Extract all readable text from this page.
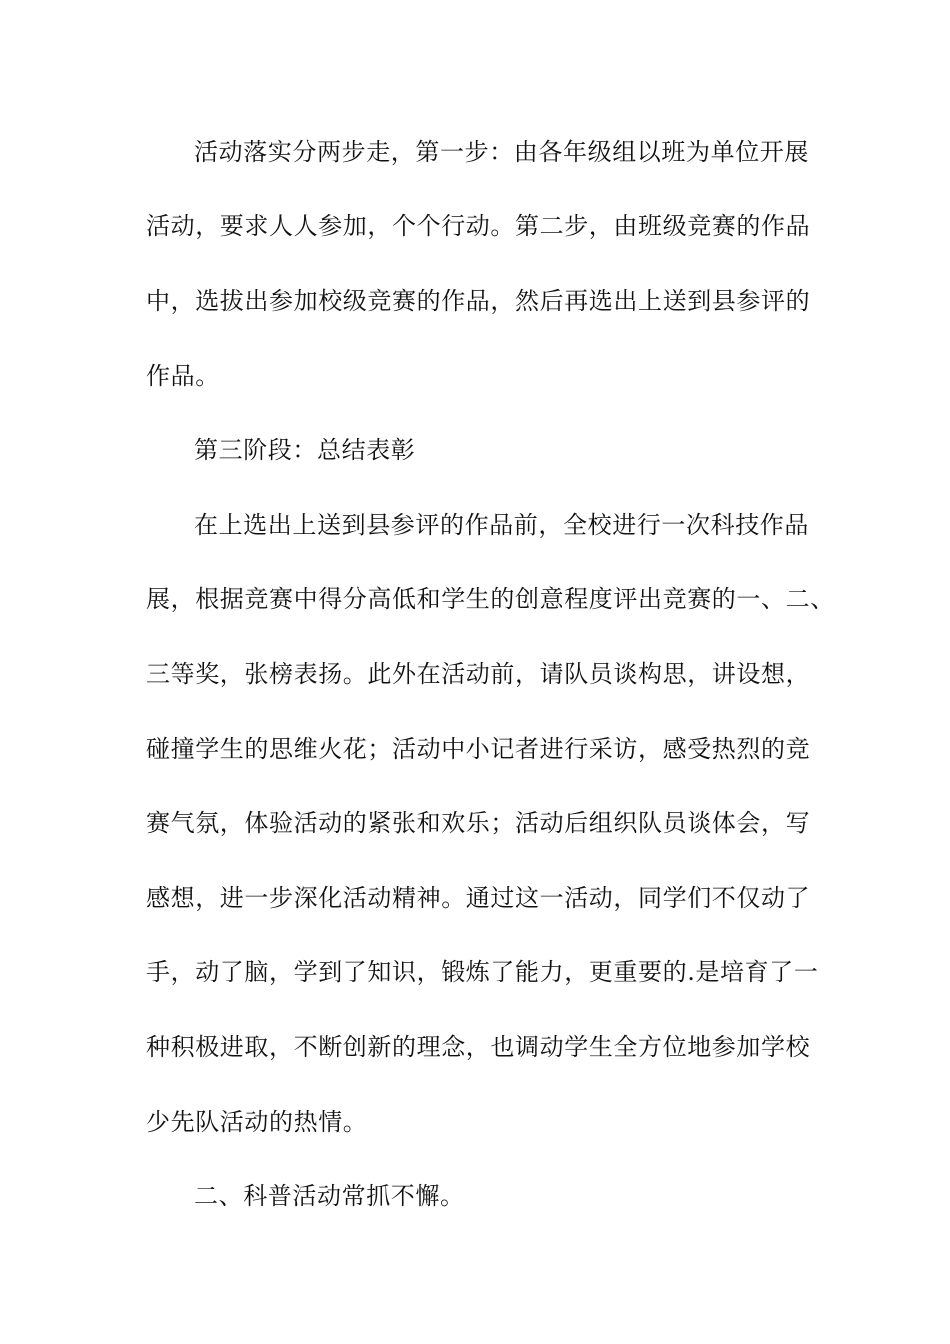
活动落实分两步走，第一步：由各年级组以班为单位开展
活动，要求人人参加，个个行动。第二步，由班级竞赛的作品
中，选拔出参加校级竞赛的作品，然后再选出上送到县参评的
作品。
第三阶段：总结表彰
在上选出上送到县参评的作品前，全校进行一次科技作品
展，根据竞赛中得分高低和学生的创意程度评出竞赛的一、二、
三等奖，张榜表扬。此外在活动前，请队员谈构思，讲设想，
碰撞学生的思维火花；活动中小记者进行采访，感受热烈的竞
赛气氛，体验活动的紧张和欢乐；活动后组织队员谈体会，写
感想，进一步深化活动精神。通过这一活动，同学们不仅动了
手，动了脑，学到了知识，锻炼了能力，更重要的.是培育了一
种积极进取，不断创新的理念，也调动学生全方位地参加学校
少先队活动的热情。
二、科普活动常抓不懈。
